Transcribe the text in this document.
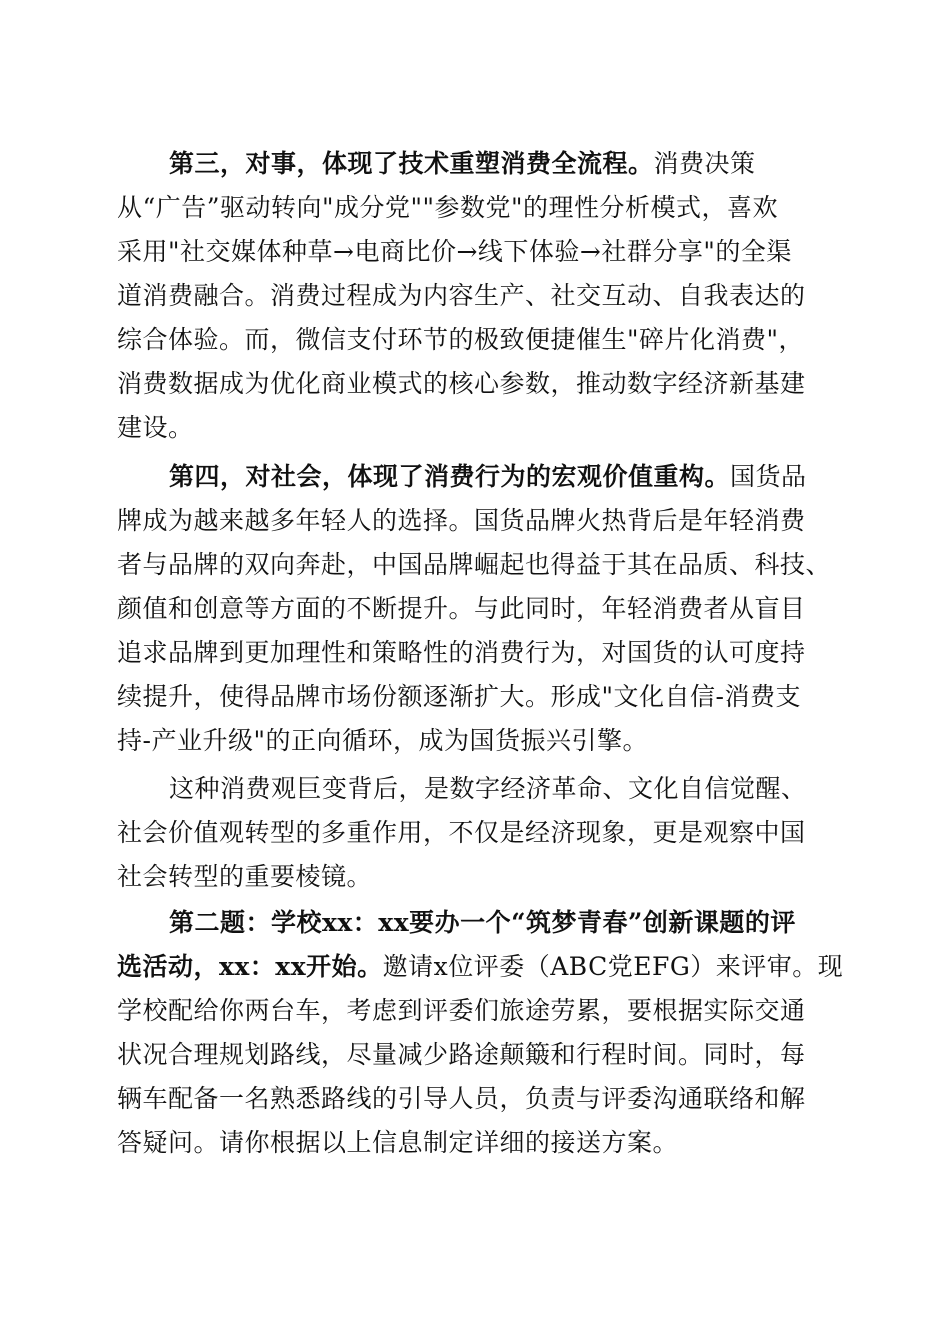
第三，对事，体现了技术重塑消费全流程。消费决策
从“广告”驱动转向"成分党""参数党"的理性分析模式，喜欢
采用"社交媒体种草→电商比价→线下体验→社群分享"的全渠
道消费融合。消费过程成为内容生产、社交互动、自我表达的
综合体验。而，微信支付环节的极致便捷催生"碎片化消费"，
消费数据成为优化商业模式的核心参数，推动数字经济新基建
建设。
第四，对社会，体现了消费行为的宏观价值重构。国货品
牌成为越来越多年轻人的选择。国货品牌火热背后是年轻消费
者与品牌的双向奔赴，中国品牌崛起也得益于其在品质、科技、
颜值和创意等方面的不断提升。与此同时，年轻消费者从盲目
追求品牌到更加理性和策略性的消费行为，对国货的认可度持
续提升，使得品牌市场份额逐渐扩大。形成"文化自信-消费支
持-产业升级"的正向循环，成为国货振兴引擎。
这种消费观巨变背后，是数字经济革命、文化自信觉醒、
社会价值观转型的多重作用，不仅是经济现象，更是观察中国
社会转型的重要棱镜。
第二题：学校xx：xx要办一个“筑梦青春”创新课题的评
选活动，xx：xx开始。邀请x位评委（ABC党EFG）来评审。现
学校配给你两台车，考虑到评委们旅途劳累，要根据实际交通
状况合理规划路线，尽量减少路途颠簸和行程时间。同时，每
辆车配备一名熟悉路线的引导人员，负责与评委沟通联络和解
答疑问。请你根据以上信息制定详细的接送方案。
